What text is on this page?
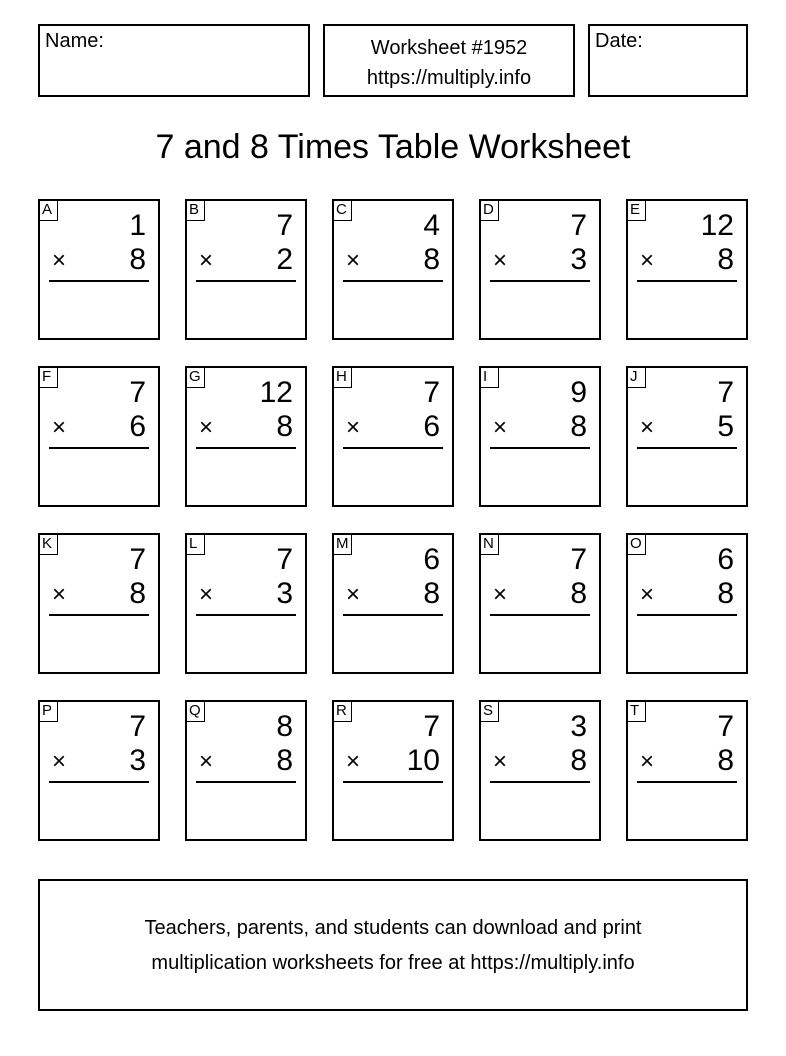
Name:	Worksheet #1952
https://multiply.info
Date:
7 and 8 Times Table Worksheet
A	1
× 8
B	7
× 2
C	4
× 8
D	7
× 3
E 12
× 8
F	7
× 6
G 12
× 8
H	7
× 6
I	9
× 8
J	7
× 5
K	7
× 8
L	7
× 3
M 6
× 8
N	7
× 8
O	6
× 8
P	7
× 3
Q	8
× 8
R	7
× 10
S	3
× 8
T	7
× 8
Teachers, parents, and students can download and print
multiplication worksheets for free at https://multiply.info
